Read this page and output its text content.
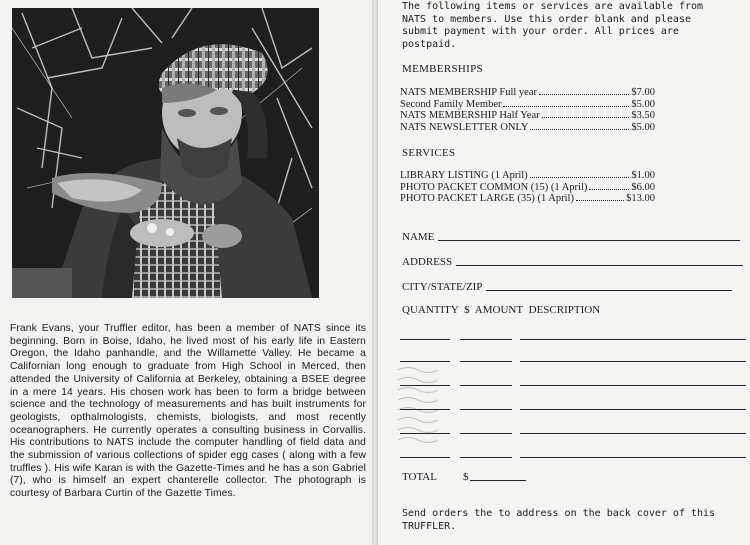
Frank Evans, your Truffler editor, has been a member of NATS since its beginning. Born in Boise, Idaho, he lived most of his early life in Eastern Oregon, the Idaho panhandle, and the Willamette Valley. He became a Californian long enough to graduate from High School in Merced, then attended the University of California at Berkeley, obtaining a BSEE degree in a mere 14 years. His chosen work has been to form a bridge between science and the technology of measurements and has built instruments for geologists, opthalmologists, chemists, biologists, and most recently oceanographers. He currently operates a consulting business in Corvallis. His contributions to NATS include the computer handling of field data and the submission of various collections of spider egg cases ( along with a few truffles ). His wife Karan is with the Gazette-Times and he has a son Gabriel (7), who is himself an expert chanterelle collector. The photograph is courtesy of Barbara Curtin of the Gazette Times.

The following items or services are available from NATS to members. Use this order blank and please submit payment with your order. All prices are postpaid.

MEMBERSHIPS
NATS MEMBERSHIP Full year	$7.00
Second Family Member	$5.00
NATS MEMBERSHIP Half Year	$3.50
NATS NEWSLETTER ONLY	$5.00
SERVICES
LIBRARY LISTING (1 April)	$1.00
PHOTO PACKET COMMON (15) (1 April)	$6.00
PHOTO PACKET LARGE (35) (1 April)	$13.00
NAME
ADDRESS
CITY/STATE/ZIP
QUANTITY $ AMOUNT DESCRIPTION
TOTAL $

Send orders the to address on the back cover of this TRUFFLER.
